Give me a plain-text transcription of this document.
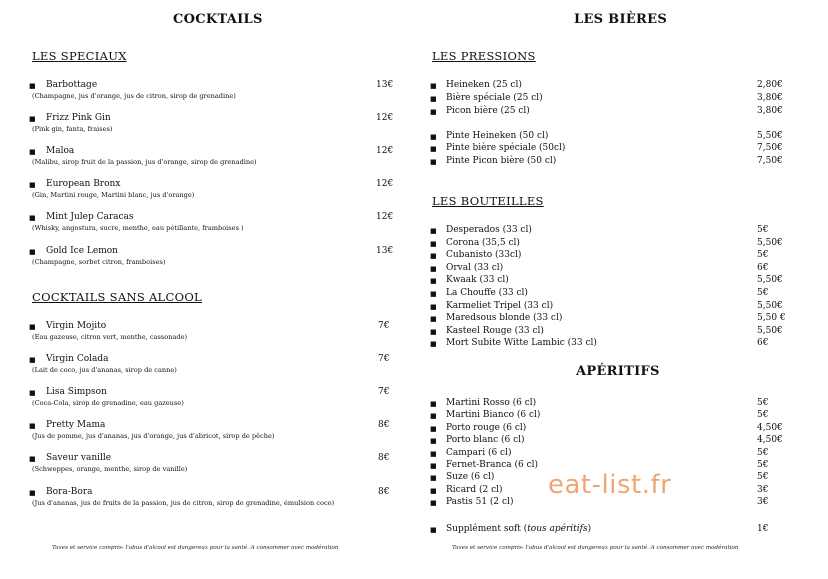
COCKTAILS
LES SPECIAUX
■ Barbottage
(Champagne, jus d'orange, jus de citron, sirop de grenadine)
13€
■ Frizz Pink Gin
(Pink gin, fanta, fraises)
12€
■ Maloa
(Malibu, sirop fruit de la passion, jus d'orange, sirop de grenadine)
12€
■ European Bronx
(Gin, Martini rouge, Martini blanc, jus d'orange)
12€
■ Mint Julep Caracas
(Whisky, angostura, sucre, menthe, eau pétillante, framboises )
12€
■ Gold Ice Lemon
(Champagne, sorbet citron, framboises)
13€
COCKTAILS SANS ALCOOL
■ Virgin Mojito
(Eau gazeuse, citron vert, menthe, cassonade)
7€
■ Virgin Colada
(Lait de coco, jus d'ananas, sirop de canne)
7€
■ Lisa Simpson
(Coca-Cola, sirop de grenadine, eau gazeuse)
7€
■ Pretty Mama
(Jus de pomme, jus d'ananas, jus d'orange, jus d'abricot, sirop de pêche)
8€
■ Saveur vanille
(Schweppes, orange, menthe, sirop de vanille)
8€
■ Bora-Bora
(Jus d'ananas, jus de fruits de la passion, jus de citron, sirop de grenadine, émulsion coco)
8€
Taxes et service compris- l'abus d'alcool est dangereux pour la santé. A consommer avec modération
LES BIÈRES
LES PRESSIONS
■ Heineken (25 cl)	2,80€
■ Bière spéciale (25 cl)	3,80€
■ Picon bière (25 cl)	3,80€
■ Pinte Heineken (50 cl)	5,50€
■ Pinte bière spéciale (50cl)	7,50€
■ Pinte Picon bière (50 cl)	7,50€
LES BOUTEILLES
■ Desperados (33 cl)	5€
■ Corona (35,5 cl)	5,50€
■ Cubanisto (33cl)	5€
■ Orval (33 cl)	6€
■ Kwaak (33 cl)	5,50€
■ La Chouffe (33 cl)	5€
■ Karmeliet Tripel (33 cl)	5,50€
■ Maredsous blonde (33 cl)	5,50 €
■ Kasteel Rouge (33 cl)	5,50€
■ Mort Subite Witte Lambic (33 cl)	6€
APÉRITIFS
■ Martini Rosso (6 cl)	5€
■ Martini Bianco (6 cl)	5€
■ Porto rouge (6 cl)	4,50€
■ Porto blanc (6 cl)	4,50€
■ Campari (6 cl)	5€
■ Fernet-Branca (6 cl)	5€
■ Suze (6 cl)	5€
■ Ricard (2 cl)	3€
■ Pastis 51 (2 cl)	3€
■ Supplément soft (tous apéritifs)	1€
Taxes et service compris- l'abus d'alcool est dangereux pour la santé. A consommer avec modération
eat-list.fr
